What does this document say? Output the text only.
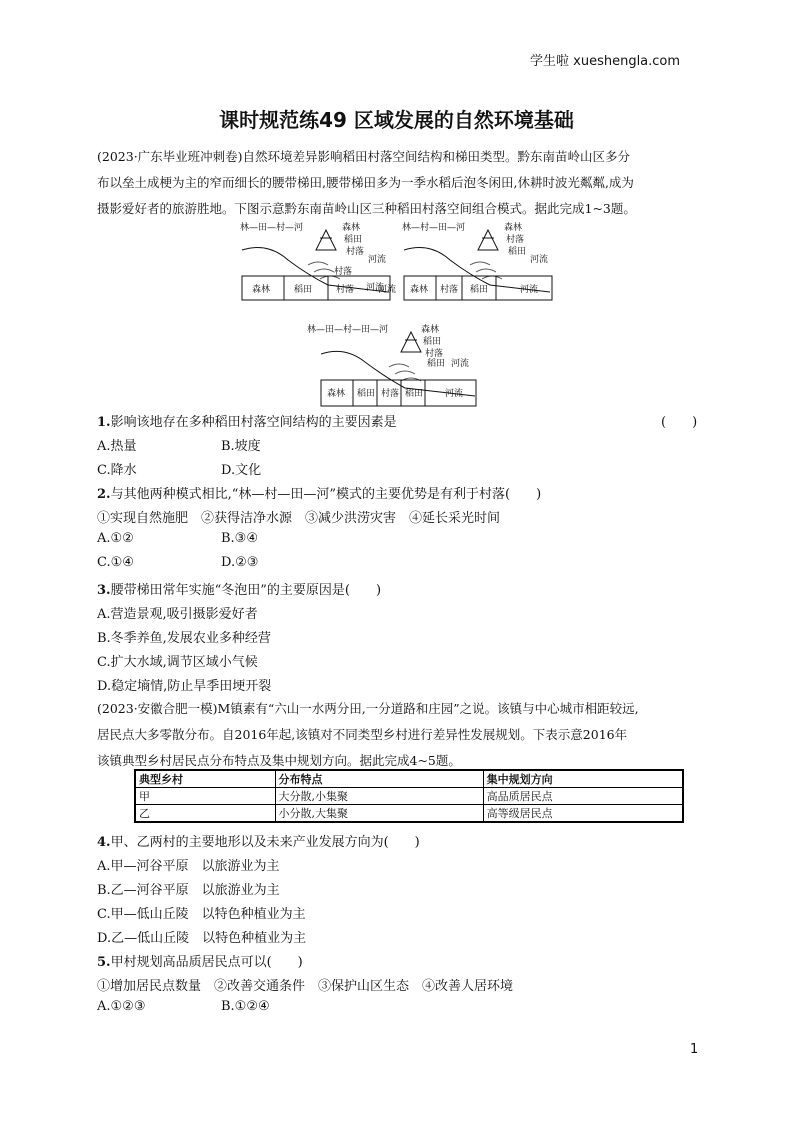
学生啦 xueshengla.com
课时规范练49 区域发展的自然环境基础
(2023·广东毕业班冲刺卷)自然环境差异影响稻田村落空间结构和梯田类型。黔东南苗岭山区多分
布以垒土成梗为主的窄而细长的腰带梯田,腰带梯田多为一季水稻后泡冬闲田,休耕时波光粼粼,成为
摄影爱好者的旅游胜地。下图示意黔东南苗岭山区三种稻田村落空间组合模式。据此完成1~3题。
林—田—村—河	森林
稻田
村落
河流
村落
河流
森林	稻田	村落	河流
林—村—田—河	森林
村落
稻田
河流
森林 村落 稻田	河流
林—田—村—田—河	森林
稻田
村落
稻田 河流
森林 稻田 村落 稻田 河流
1.影响该地存在多种稻田村落空间结构的主要因素是	(　　)
A.热量	B.坡度
C.降水	D.文化
2.与其他两种模式相比,“林—村—田—河”模式的主要优势是有利于村落(　　)
①实现自然施肥　②获得洁净水源　③减少洪涝灾害　④延长采光时间
A.①②	B.③④
C.①④	D.②③
3.腰带梯田常年实施“冬泡田”的主要原因是(　　)
A.营造景观,吸引摄影爱好者
B.冬季养鱼,发展农业多种经营
C.扩大水域,调节区域小气候
D.稳定墒情,防止旱季田埂开裂
(2023·安徽合肥一模)M镇素有“六山一水两分田,一分道路和庄园”之说。该镇与中心城市相距较远,
居民点大多零散分布。自2016年起,该镇对不同类型乡村进行差异性发展规划。下表示意2016年
该镇典型乡村居民点分布特点及集中规划方向。据此完成4~5题。
典型乡村	分布特点	集中规划方向
甲	大分散,小集聚	高品质居民点
乙	小分散,大集聚	高等级居民点
4.甲、乙两村的主要地形以及未来产业发展方向为(　　)
A.甲—河谷平原　以旅游业为主
B.乙—河谷平原　以旅游业为主
C.甲—低山丘陵　以特色种植业为主
D.乙—低山丘陵　以特色种植业为主
5.甲村规划高品质居民点可以(　　)
①增加居民点数量　②改善交通条件　③保护山区生态　④改善人居环境
A.①②③	B.①②④
1
